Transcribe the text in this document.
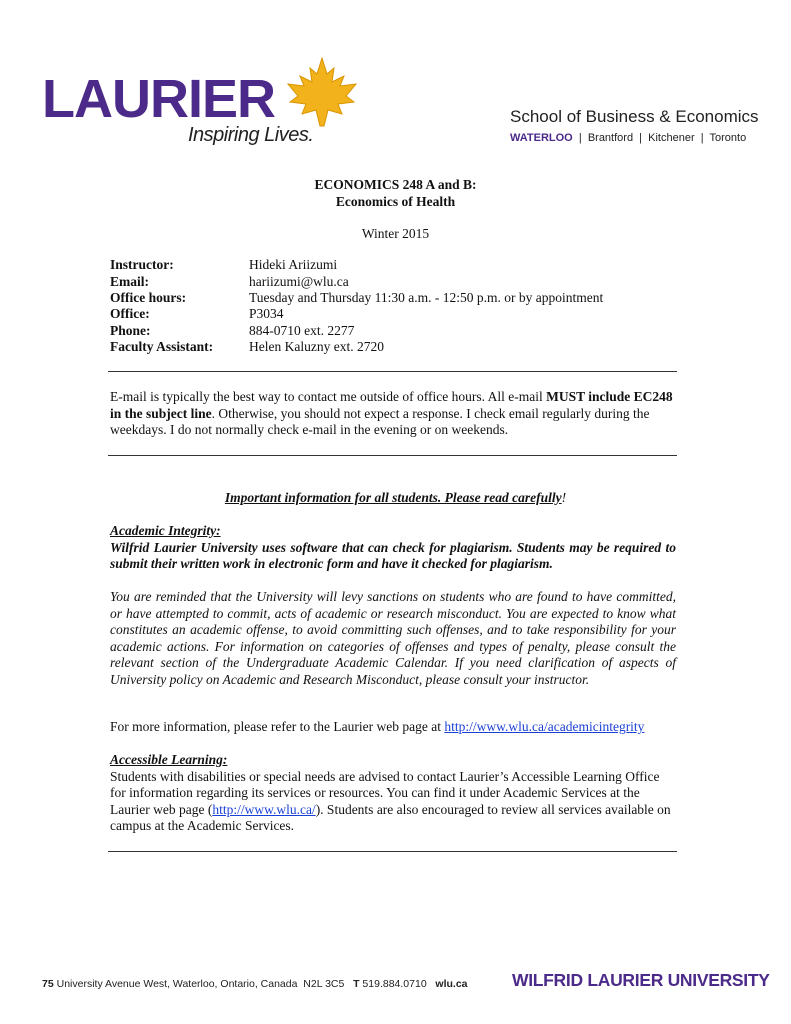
LAURIER
Inspiring Lives.
School of Business & Economics
WATERLOO  |  Brantford  |  Kitchener  |  Toronto
ECONOMICS 248 A and B:
Economics of Health
Winter 2015
Instructor:	Hideki Ariizumi
Email:	hariizumi@wlu.ca
Office hours:	Tuesday and Thursday 11:30 a.m. - 12:50 p.m. or by appointment
Office:	P3034
Phone:	884-0710 ext. 2277
Faculty Assistant:	Helen Kaluzny ext. 2720
E-mail is typically the best way to contact me outside of office hours. All e-mail MUST include EC248 in the subject line. Otherwise, you should not expect a response. I check email regularly during the weekdays. I do not normally check e-mail in the evening or on weekends.
Important information for all students. Please read carefully!
Academic Integrity:
Wilfrid Laurier University uses software that can check for plagiarism. Students may be required to submit their written work in electronic form and have it checked for plagiarism.
You are reminded that the University will levy sanctions on students who are found to have committed, or have attempted to commit, acts of academic or research misconduct. You are expected to know what constitutes an academic offense, to avoid committing such offenses, and to take responsibility for your academic actions. For information on categories of offenses and types of penalty, please consult the relevant section of the Undergraduate Academic Calendar. If you need clarification of aspects of University policy on Academic and Research Misconduct, please consult your instructor.
For more information, please refer to the Laurier web page at http://www.wlu.ca/academicintegrity
Accessible Learning:
Students with disabilities or special needs are advised to contact Laurier’s Accessible Learning Office for information regarding its services or resources. You can find it under Academic Services at the Laurier web page (http://www.wlu.ca/). Students are also encouraged to review all services available on campus at the Academic Services.
75 University Avenue West, Waterloo, Ontario, Canada  N2L 3C5   T 519.884.0710   wlu.ca	WILFRID LAURIER UNIVERSITY
